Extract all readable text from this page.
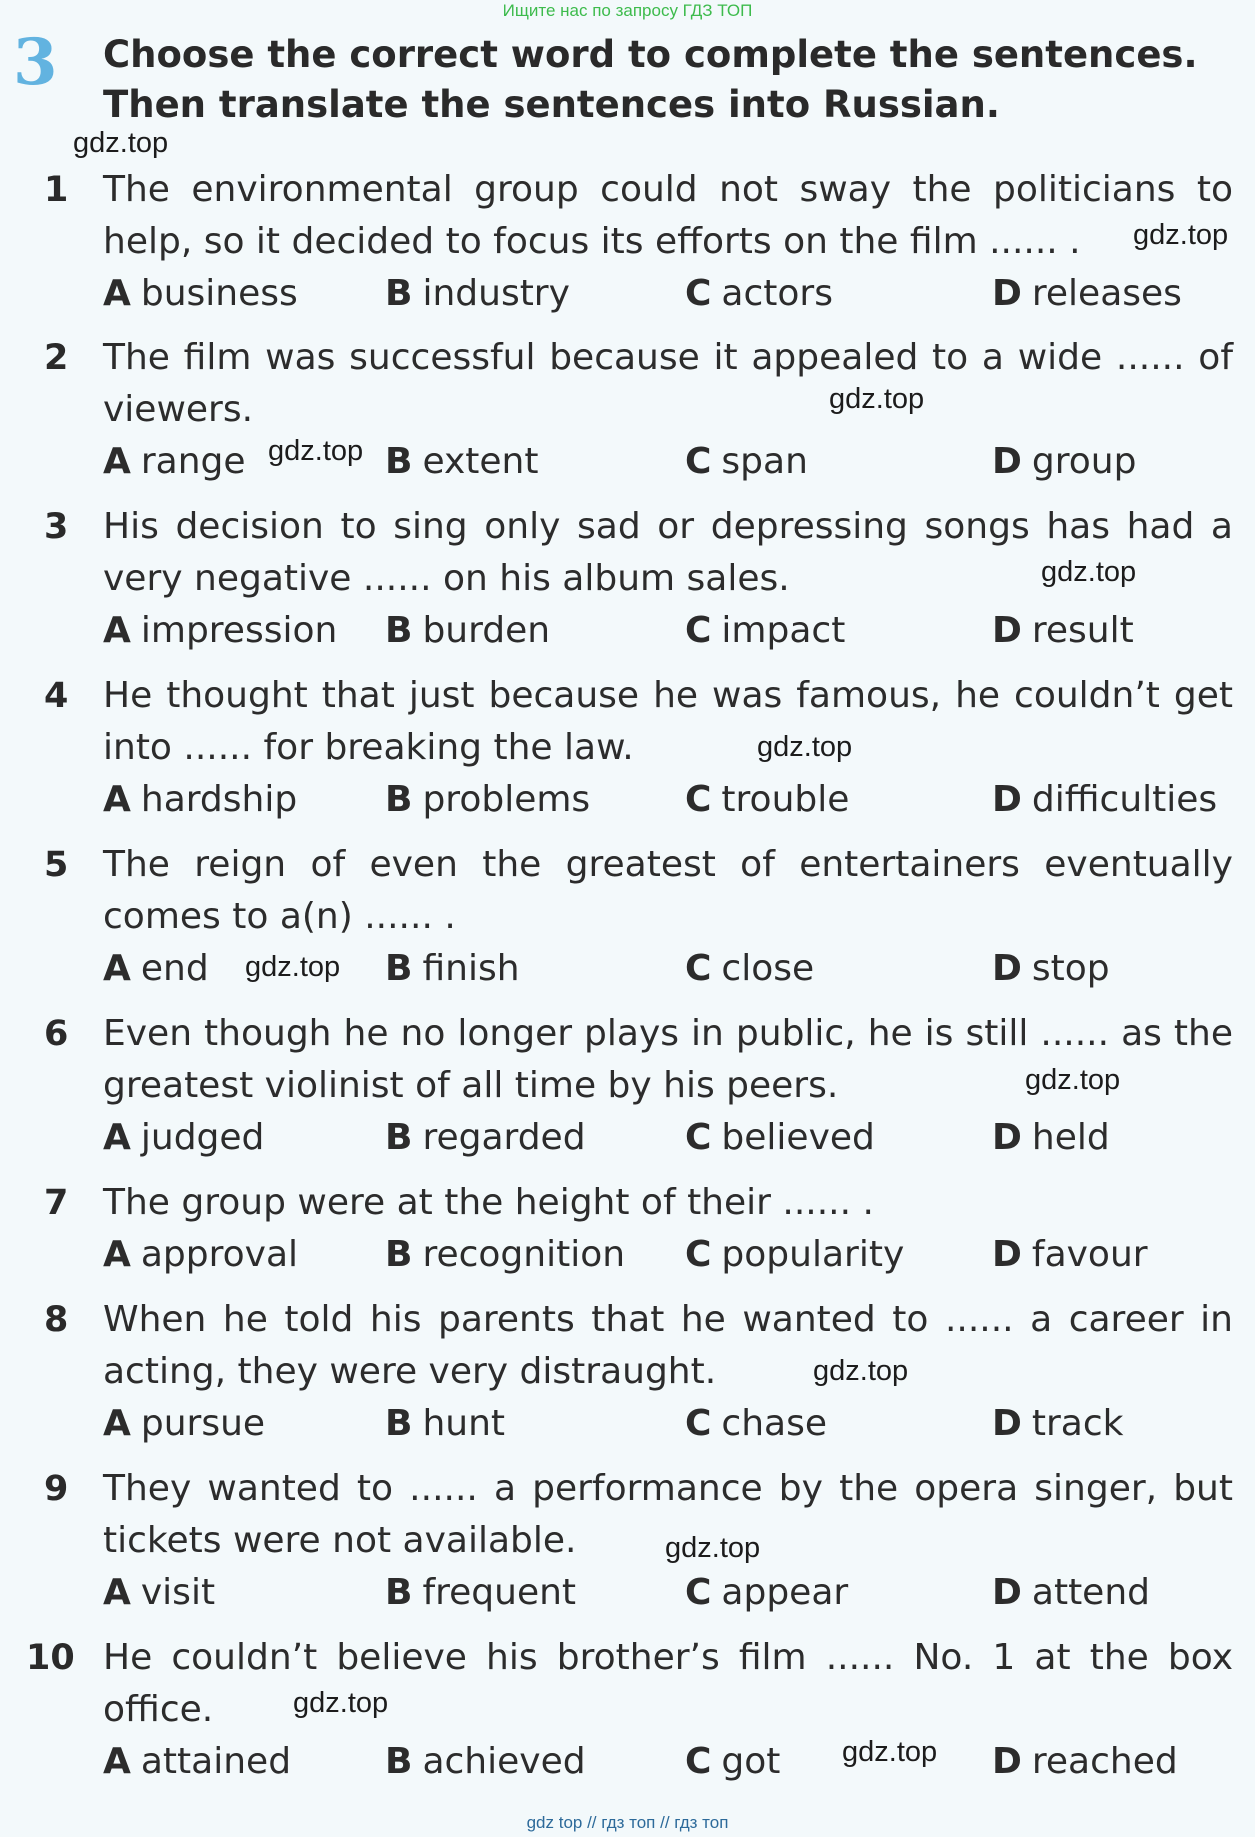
Ищите нас по запросу ГДЗ ТОП
3 Choose the correct word to complete the sentences. Then translate the sentences into Russian.
1 The environmental group could not sway the politicians to help, so it decided to focus its efforts on the film ...... .
A business B industry	C actors	D releases
2 The film was successful because it appealed to a wide ...... of viewers.
A range	B extent	C span	D group
3 His decision to sing only sad or depressing songs has had a very negative ...... on his album sales.
A impression B burden	C impact	D result
4 He thought that just because he was famous, he couldn’t get into ...... for breaking the law.
A hardship B problems	C trouble	D difficulties
5 The reign of even the greatest of entertainers eventually comes to a(n) ...... .
A end	B finish	C close	D stop
6 Even though he no longer plays in public, he is still ...... as the greatest violinist of all time by his peers.
A judged	B regarded	C believed	D held
7 The group were at the height of their ...... .
A approval B recognition C popularity D favour
8 When he told his parents that he wanted to ...... a career in acting, they were very distraught.
A pursue	B hunt	C chase	D track
9 They wanted to ...... a performance by the opera singer, but tickets were not available.
A visit	B frequent	C appear	D attend
10 He couldn’t believe his brother’s film ...... No. 1 at the box office.
A attained	B achieved	C got	D reached
gdz.top
gdz.top
gdz.top
gdz.top
gdz.top
gdz.top
gdz.top
gdz.top
gdz.top
gdz.top
gdz.top
gdz.top
gdz top // гдз топ // гдз топ
